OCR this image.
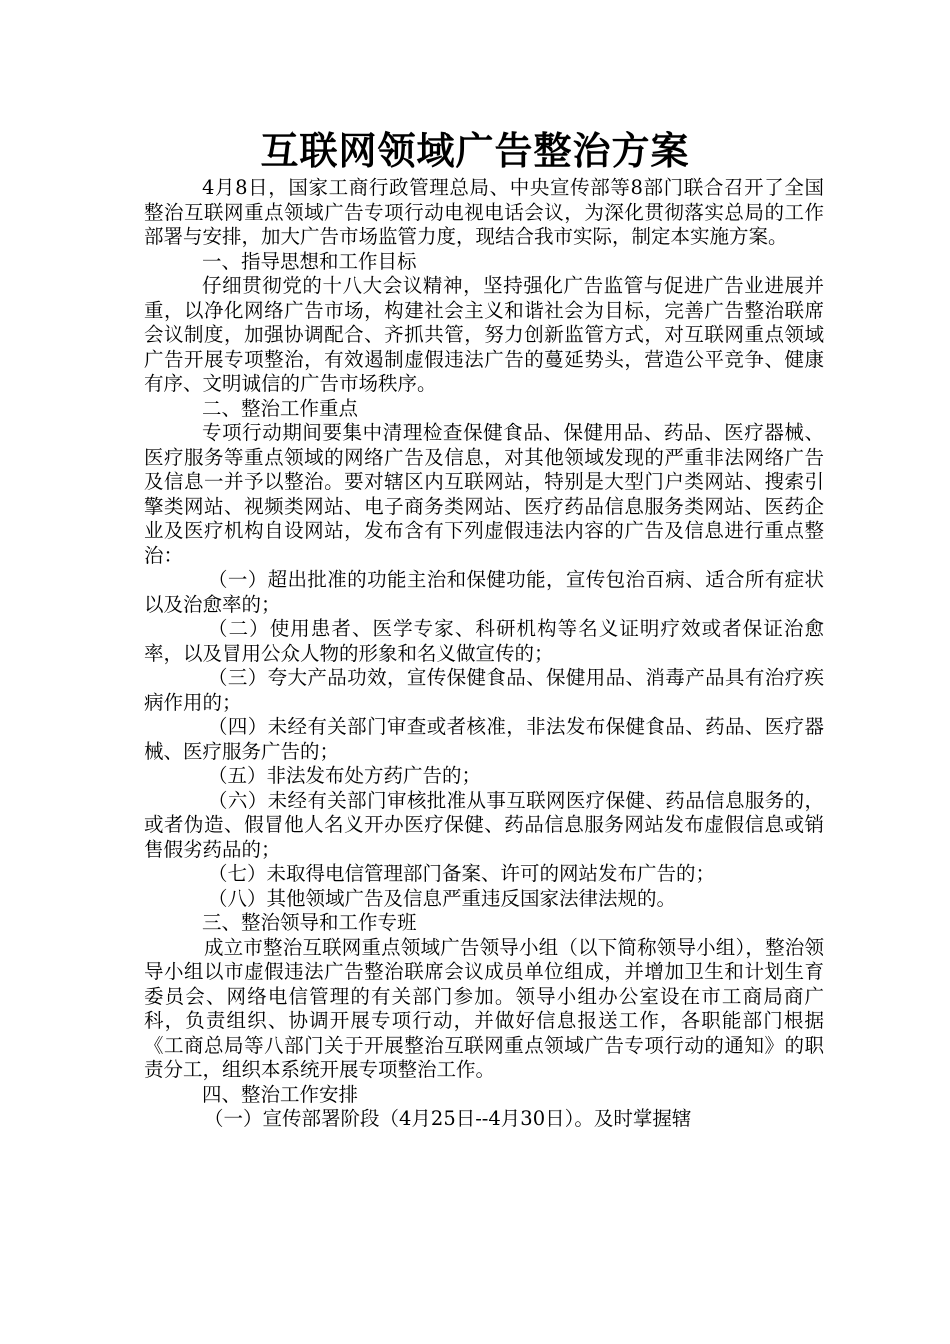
互联网领域广告整治方案

4月8日，国家工商行政管理总局、中央宣传部等8部门联合召开了全国整治互联网重点领域广告专项行动电视电话会议，为深化贯彻落实总局的工作部署与安排，加大广告市场监管力度，现结合我市实际，制定本实施方案。

一、指导思想和工作目标

仔细贯彻党的十八大会议精神，坚持强化广告监管与促进广告业进展并重，以净化网络广告市场，构建社会主义和谐社会为目标，完善广告整治联席会议制度，加强协调配合、齐抓共管，努力创新监管方式，对互联网重点领域广告开展专项整治，有效遏制虚假违法广告的蔓延势头，营造公平竞争、健康有序、文明诚信的广告市场秩序。

二、整治工作重点

专项行动期间要集中清理检查保健食品、保健用品、药品、医疗器械、医疗服务等重点领域的网络广告及信息，对其他领域发现的严重非法网络广告及信息一并予以整治。要对辖区内互联网站，特别是大型门户类网站、搜索引擎类网站、视频类网站、电子商务类网站、医疗药品信息服务类网站、医药企业及医疗机构自设网站，发布含有下列虚假违法内容的广告及信息进行重点整治：

（一）超出批准的功能主治和保健功能，宣传包治百病、适合所有症状以及治愈率的；

（二）使用患者、医学专家、科研机构等名义证明疗效或者保证治愈率，以及冒用公众人物的形象和名义做宣传的；

（三）夸大产品功效，宣传保健食品、保健用品、消毒产品具有治疗疾病作用的；

（四）未经有关部门审查或者核准，非法发布保健食品、药品、医疗器械、医疗服务广告的；

（五）非法发布处方药广告的；

（六）未经有关部门审核批准从事互联网医疗保健、药品信息服务的，或者伪造、假冒他人名义开办医疗保健、药品信息服务网站发布虚假信息或销售假劣药品的；

（七）未取得电信管理部门备案、许可的网站发布广告的；

（八）其他领域广告及信息严重违反国家法律法规的。

三、整治领导和工作专班

成立市整治互联网重点领域广告领导小组（以下简称领导小组），整治领导小组以市虚假违法广告整治联席会议成员单位组成，并增加卫生和计划生育委员会、网络电信管理的有关部门参加。领导小组办公室设在市工商局商广科，负责组织、协调开展专项行动，并做好信息报送工作，各职能部门根据《工商总局等八部门关于开展整治互联网重点领域广告专项行动的通知》的职责分工，组织本系统开展专项整治工作。

四、整治工作安排

（一）宣传部署阶段（4月25日--4月30日）。及时掌握辖
